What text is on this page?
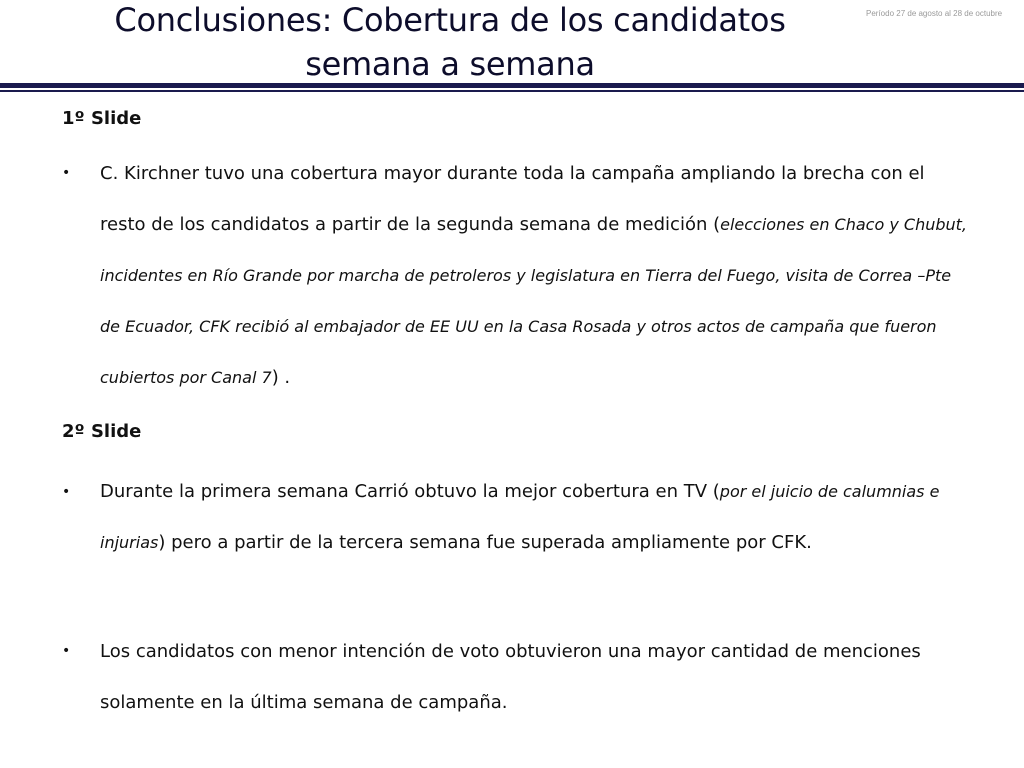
Conclusiones: Cobertura de los candidatos
semana a semana
Período 27 de agosto al 28 de octubre
1º Slide
• C. Kirchner tuvo una cobertura mayor durante toda la campaña ampliando la brecha con el resto de los candidatos a partir de la segunda semana de medición (elecciones en Chaco y Chubut, incidentes en Río Grande por marcha de petroleros y legislatura en Tierra del Fuego, visita de Correa –Pte de Ecuador, CFK recibió al embajador de EE UU en la Casa Rosada y otros actos de campaña que fueron cubiertos por Canal 7) .
2º Slide
• Durante la primera semana Carrió obtuvo la mejor cobertura en TV (por el juicio de calumnias e injurias) pero a partir de la tercera semana fue superada ampliamente por CFK.
• Los candidatos con menor intención de voto obtuvieron una mayor cantidad de menciones solamente en la última semana de campaña.
